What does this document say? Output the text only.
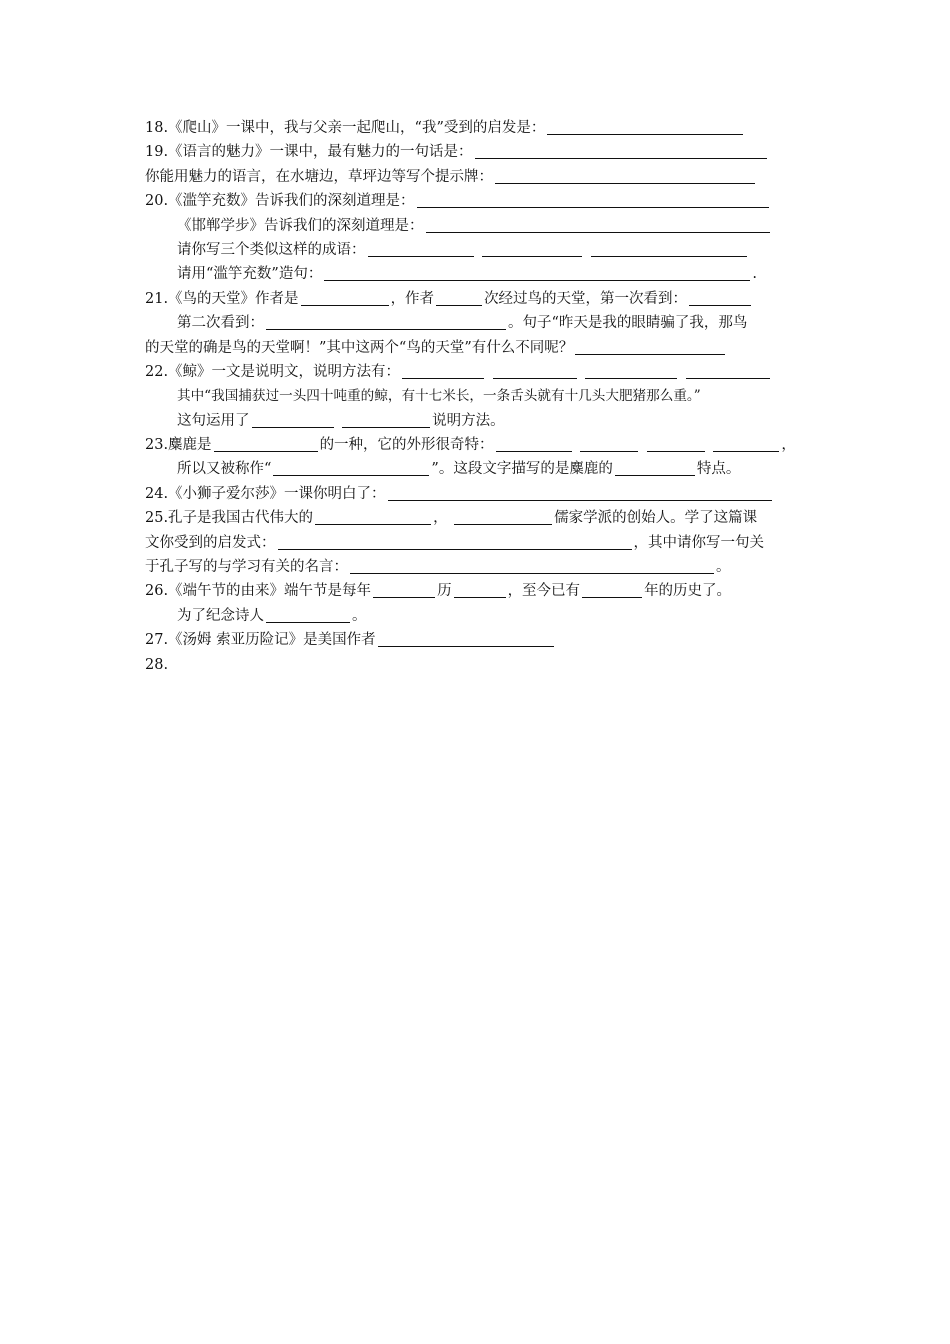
18.《爬山》一课中，我与父亲一起爬山，“我”受到的启发是：
19.《语言的魅力》一课中，最有魅力的一句话是：
你能用魅力的语言，在水塘边，草坪边等写个提示牌：
20.《滥竽充数》告诉我们的深刻道理是：
《邯郸学步》告诉我们的深刻道理是：
请你写三个类似这样的成语：
请用“滥竽充数”造句：	.
21.《鸟的天堂》作者是	，作者	次经过鸟的天堂，第一次看到：
第二次看到：	。句子“昨天是我的眼睛骗了我，那鸟
的天堂的确是鸟的天堂啊！”其中这两个“鸟的天堂”有什么不同呢？
22.《鲸》一文是说明文，说明方法有：
其中“我国捕获过一头四十吨重的鲸，有十七米长，一条舌头就有十几头大肥猪那么重。”
这句运用了	说明方法。
23.麋鹿是	的一种，它的外形很奇特：	，
所以又被称作“	”。这段文字描写的是麋鹿的	特点。
24.《小狮子爱尔莎》一课你明白了：
25.孔子是我国古代伟大的	，	儒家学派的创始人。学了这篇课
文你受到的启发式：	，其中请你写一句关
于孔子写的与学习有关的名言：	。
26.《端午节的由来》端午节是每年	历	，至今已有	年的历史了。
为了纪念诗人	。
27.《汤姆 索亚历险记》是美国作者
28.
